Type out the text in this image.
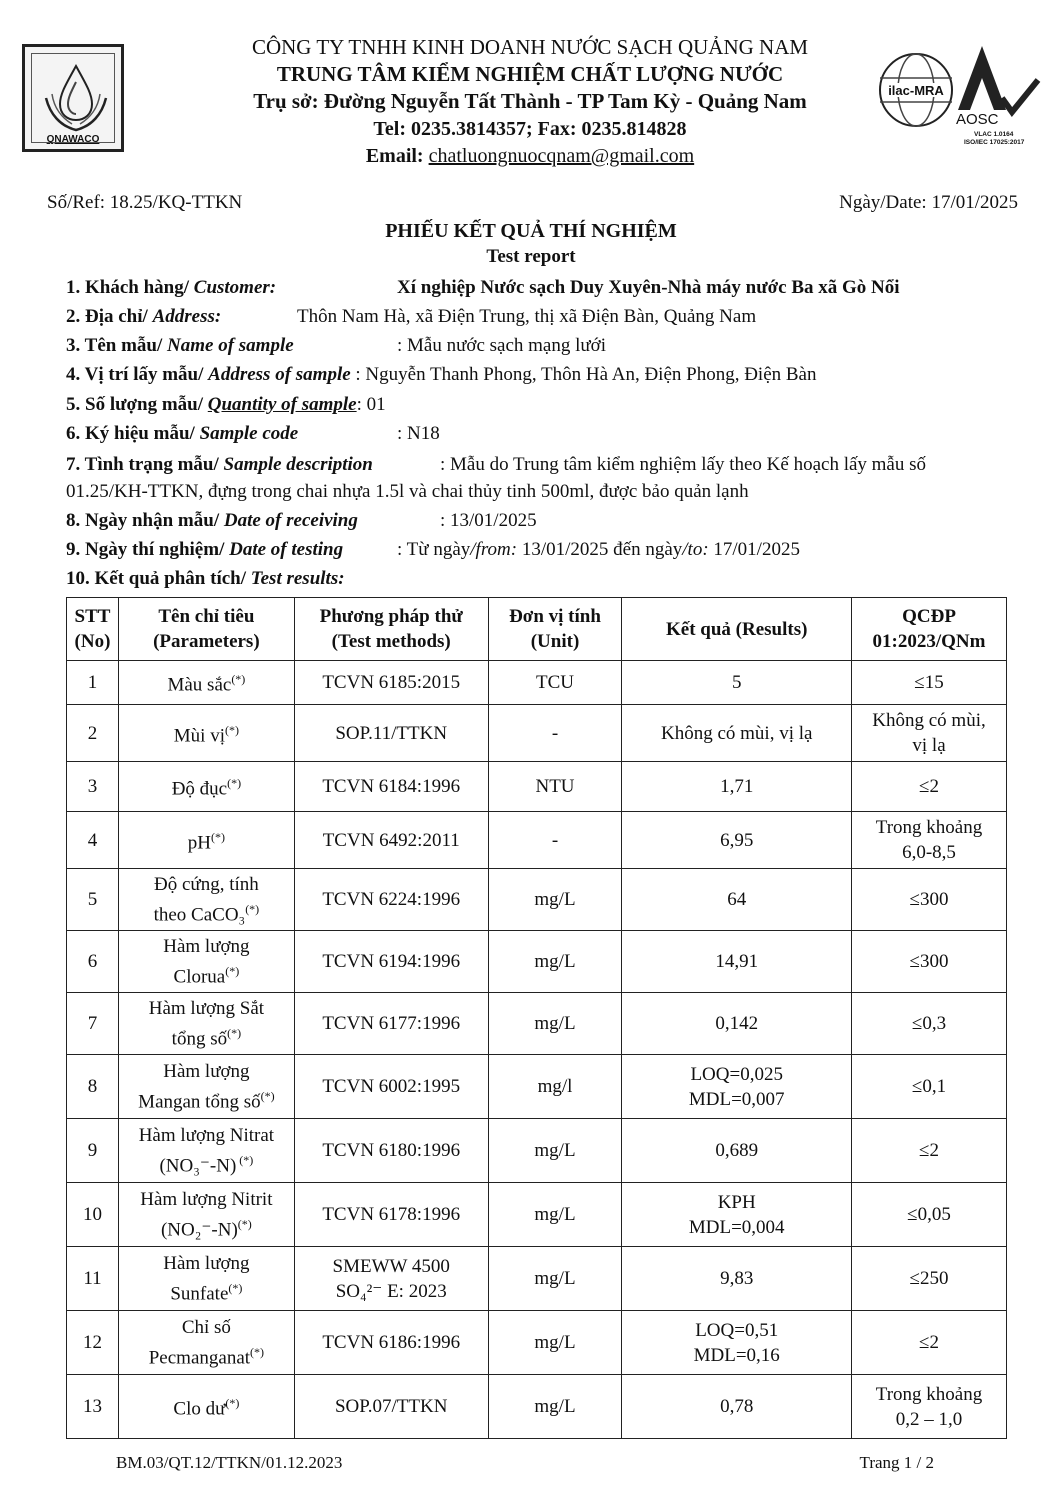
QNAWACO
CÔNG TY TNHH KINH DOANH NƯỚC SẠCH QUẢNG NAM
TRUNG TÂM KIỂM NGHIỆM CHẤT LƯỢNG NƯỚC
Trụ sở: Đường Nguyễn Tất Thành - TP Tam Kỳ - Quảng Nam
Tel: 0235.3814357; Fax: 0235.814828
Email: chatluongnuocqnam@gmail.com
ilac-MRA
AOSC
VLAC 1.0164
ISO/IEC 17025:2017
Số/Ref: 18.25/KQ-TTKN	Ngày/Date: 17/01/2025
PHIẾU KẾT QUẢ THÍ NGHIỆM
Test report
1. Khách hàng/ Customer:	Xí nghiệp Nước sạch Duy Xuyên-Nhà máy nước Ba xã Gò Nổi
2. Địa chỉ/ Address:	Thôn Nam Hà, xã Điện Trung, thị xã Điện Bàn, Quảng Nam
3. Tên mẫu/ Name of sample	: Mẫu nước sạch mạng lưới
4. Vị trí lấy mẫu/ Address of sample : Nguyễn Thanh Phong, Thôn Hà An, Điện Phong, Điện Bàn
5. Số lượng mẫu/ Quantity of sample: 01
6. Ký hiệu mẫu/ Sample code	: N18
7. Tình trạng mẫu/ Sample description	: Mẫu do Trung tâm kiểm nghiệm lấy theo Kế hoạch lấy mẫu số
01.25/KH-TTKN, đựng trong chai nhựa 1.5l và chai thủy tinh 500ml, được bảo quản lạnh
8. Ngày nhận mẫu/ Date of receiving	: 13/01/2025
9. Ngày thí nghiệm/ Date of testing	: Từ ngày/from: 13/01/2025 đến ngày/to: 17/01/2025
10. Kết quả phân tích/ Test results:
STT
(No)	Tên chỉ tiêu
(Parameters)	Phương pháp thử
(Test methods)	Đơn vị tính
(Unit)	Kết quả (Results)	QCĐP
01:2023/QNm
1	Màu sắc(*)	TCVN 6185:2015	TCU	5	≤15
2	Mùi vị(*)	SOP.11/TTKN	-	Không có mùi, vị lạ	Không có mùi,
vị lạ
3	Độ đục(*)	TCVN 6184:1996	NTU	1,71	≤2
4	pH(*)	TCVN 6492:2011	-	6,95	Trong khoảng
6,0-8,5
5	Độ cứng, tính
theo CaCO₃(*)	TCVN 6224:1996	mg/L	64	≤300
6	Hàm lượng
Clorua(*)	TCVN 6194:1996	mg/L	14,91	≤300
7	Hàm lượng Sắt
tổng số(*)	TCVN 6177:1996	mg/L	0,142	≤0,3
8	Hàm lượng
Mangan tổng số(*)	TCVN 6002:1995	mg/l	LOQ=0,025
MDL=0,007	≤0,1
9	Hàm lượng Nitrat
(NO₃⁻-N) (*)	TCVN 6180:1996	mg/L	0,689	≤2
10	Hàm lượng Nitrit
(NO₂⁻-N)(*)	TCVN 6178:1996	mg/L	KPH
MDL=0,004	≤0,05
11	Hàm lượng
Sunfate(*)	SMEWW 4500
SO₄²⁻ E: 2023	mg/L	9,83	≤250
12	Chỉ số
Pecmanganat(*)	TCVN 6186:1996	mg/L	LOQ=0,51
MDL=0,16	≤2
13	Clo dư(*)	SOP.07/TTKN	mg/L	0,78	Trong khoảng
0,2 – 1,0
BM.03/QT.12/TTKN/01.12.2023	Trang 1 / 2
